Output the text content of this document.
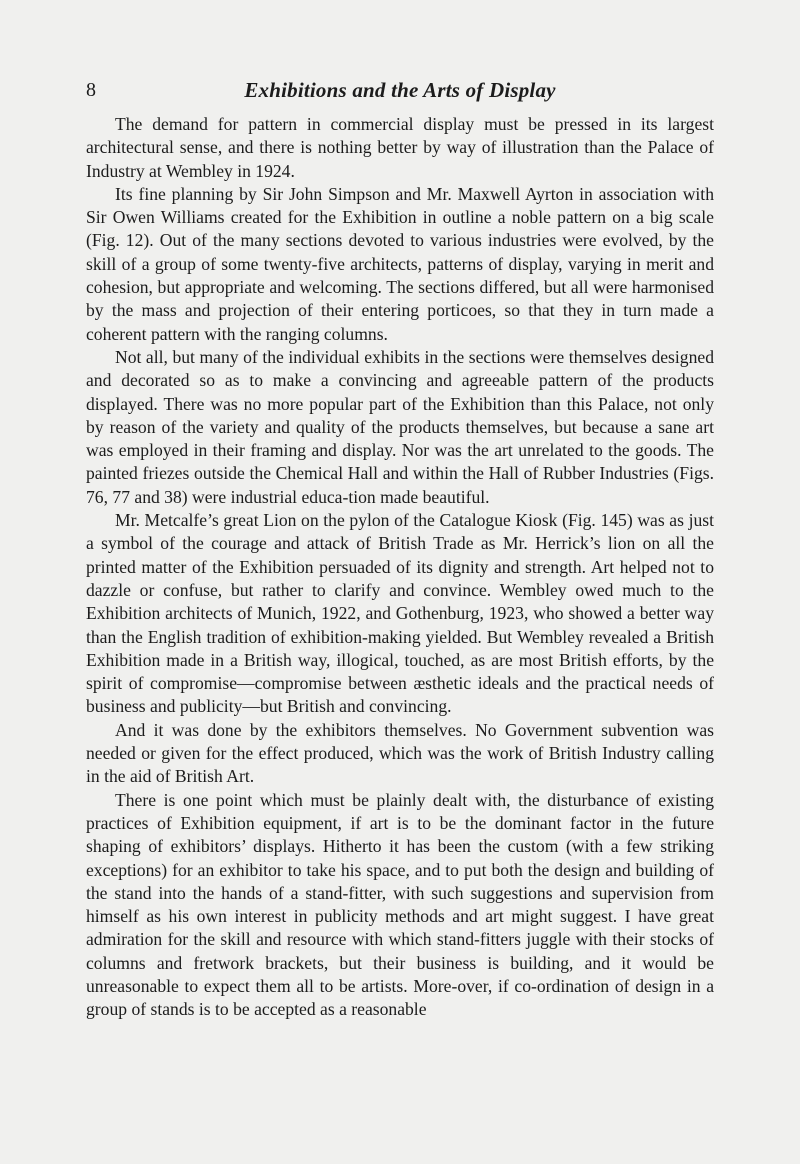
8	Exhibitions and the Arts of Display

The demand for pattern in commercial display must be pressed in its largest architectural sense, and there is nothing better by way of illustration than the Palace of Industry at Wembley in 1924.

Its fine planning by Sir John Simpson and Mr. Maxwell Ayrton in association with Sir Owen Williams created for the Exhibition in outline a noble pattern on a big scale (Fig. 12). Out of the many sections devoted to various industries were evolved, by the skill of a group of some twenty-five architects, patterns of display, varying in merit and cohesion, but appropriate and welcoming. The sections differed, but all were harmonised by the mass and projection of their entering porticoes, so that they in turn made a coherent pattern with the ranging columns.

Not all, but many of the individual exhibits in the sections were themselves designed and decorated so as to make a convincing and agreeable pattern of the products displayed. There was no more popular part of the Exhibition than this Palace, not only by reason of the variety and quality of the products themselves, but because a sane art was employed in their framing and display. Nor was the art unrelated to the goods. The painted friezes outside the Chemical Hall and within the Hall of Rubber Industries (Figs. 76, 77 and 38) were industrial educa-tion made beautiful.

Mr. Metcalfe’s great Lion on the pylon of the Catalogue Kiosk (Fig. 145) was as just a symbol of the courage and attack of British Trade as Mr. Herrick’s lion on all the printed matter of the Exhibition persuaded of its dignity and strength. Art helped not to dazzle or confuse, but rather to clarify and convince. Wembley owed much to the Exhibition architects of Munich, 1922, and Gothenburg, 1923, who showed a better way than the English tradition of exhibition-making yielded. But Wembley revealed a British Exhibition made in a British way, illogical, touched, as are most British efforts, by the spirit of compromise—compromise between æsthetic ideals and the practical needs of business and publicity—but British and convincing.

And it was done by the exhibitors themselves. No Government subvention was needed or given for the effect produced, which was the work of British Industry calling in the aid of British Art.

There is one point which must be plainly dealt with, the disturbance of existing practices of Exhibition equipment, if art is to be the dominant factor in the future shaping of exhibitors’ displays. Hitherto it has been the custom (with a few striking exceptions) for an exhibitor to take his space, and to put both the design and building of the stand into the hands of a stand-fitter, with such suggestions and supervision from himself as his own interest in publicity methods and art might suggest. I have great admiration for the skill and resource with which stand-fitters juggle with their stocks of columns and fretwork brackets, but their business is building, and it would be unreasonable to expect them all to be artists. More-over, if co-ordination of design in a group of stands is to be accepted as a reasonable
